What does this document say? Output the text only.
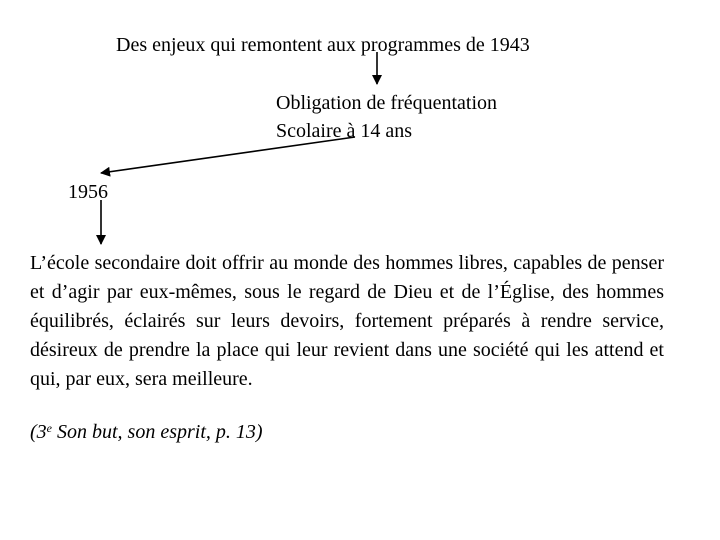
Des enjeux qui remontent aux programmes de 1943
Obligation de fréquentation
Scolaire à 14 ans
1956
L’école secondaire doit offrir au monde des hommes libres, capables de penser et d’agir par eux-mêmes, sous le regard de Dieu et de l’Église, des hommes équilibrés, éclairés sur leurs devoirs, fortement préparés à rendre service, désireux de prendre la place qui leur revient dans une société qui les attend et qui, par eux, sera meilleure.
(3e Son but, son esprit, p. 13)
